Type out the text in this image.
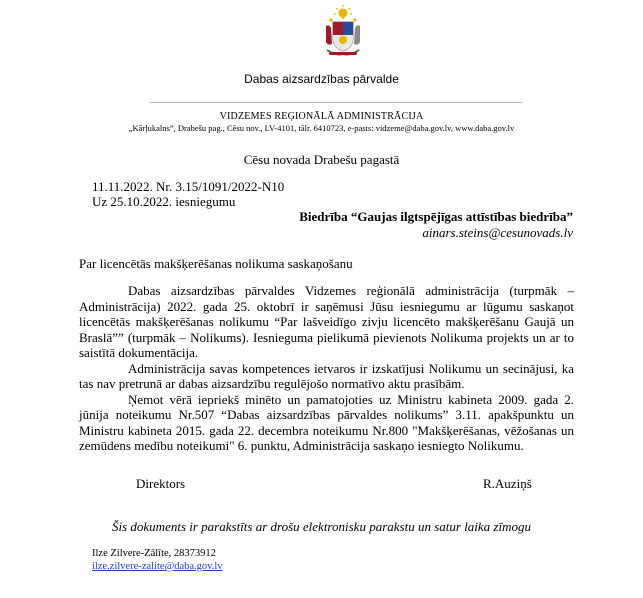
Dabas aizsardzības pārvalde
VIDZEMES REĢIONĀLĀ ADMINISTRĀCIJA
„Kārļukalns”, Drabešu pag., Cēsu nov., LV-4101, tālr. 6410723, e-pasts: vidzeme@daba.gov.lv, www.daba.gov.lv
Cēsu novada Drabešu pagastā
11.11.2022. Nr. 3.15/1091/2022-N10
Uz 25.10.2022. iesniegumu
Biedrība “Gaujas ilgtspējīgas attīstības biedrība”
ainars.steins@cesunovads.lv
Par licencētās makšķerēšanas nolikuma saskaņošanu

Dabas aizsardzības pārvaldes Vidzemes reģionālā administrācija (turpmāk – Administrācija) 2022. gada 25. oktobrī ir saņēmusi Jūsu iesniegumu ar lūgumu saskaņot licencētās makšķerēšanas nolikumu “Par lašveidīgo zivju licencēto makšķerēšanu Gaujā un Braslā”” (turpmāk – Nolikums). Iesnieguma pielikumā pievienots Nolikuma projekts un ar to saistītā dokumentācija.

Administrācija savas kompetences ietvaros ir izskatījusi Nolikumu un secinājusi, ka tas nav pretrunā ar dabas aizsardzību regulējošo normatīvo aktu prasībām.

Ņemot vērā iepriekš minēto un pamatojoties uz Ministru kabineta 2009. gada 2. jūnija noteikumu Nr.507 “Dabas aizsardzības pārvaldes nolikums” 3.11. apakšpunktu un Ministru kabineta 2015. gada 22. decembra noteikumu Nr.800 "Makšķerēšanas, vēžošanas un zemūdens medību noteikumi" 6. punktu, Administrācija saskaņo iesniegto Nolikumu.

Direktors	R.Auziņš
Šis dokuments ir parakstīts ar drošu elektronisku parakstu un satur laika zīmogu
Ilze Zilvere-Zālīte, 28373912
ilze.zilvere-zalite@daba.gov.lv
